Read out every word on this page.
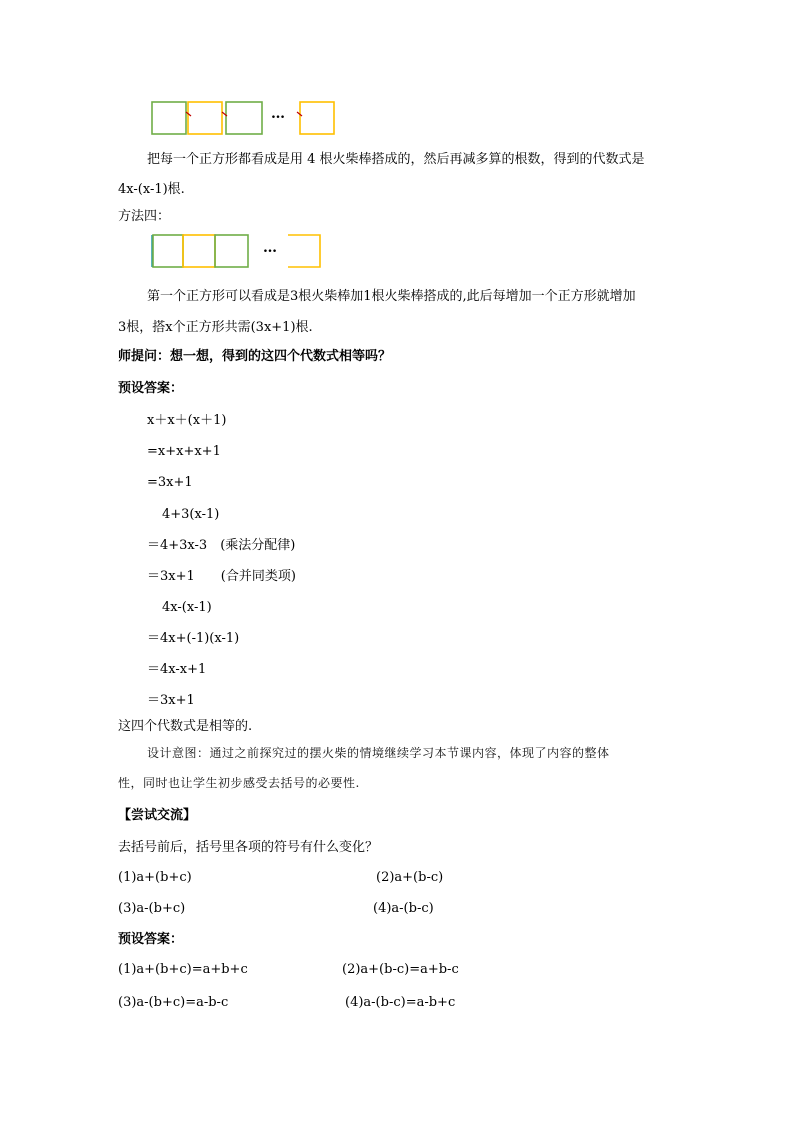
…
把每一个正方形都看成是用 4 根火柴棒搭成的，然后再减多算的根数，得到的代数式是
4x-(x-1)根.
方法四：
…
第一个正方形可以看成是3根火柴棒加1根火柴棒搭成的,此后每增加一个正方形就增加
3根，搭x个正方形共需(3x+1)根.
师提问：想一想，得到的这四个代数式相等吗？
预设答案：
x＋x＋(x＋1)
=x+x+x+1
=3x+1
4+3(x-1)
＝4+3x-3　(乘法分配律)
＝3x+1　　(合并同类项)
4x-(x-1)
＝4x+(-1)(x-1)
＝4x-x+1
＝3x+1
这四个代数式是相等的.
设计意图：通过之前探究过的摆火柴的情境继续学习本节课内容，体现了内容的整体
性，同时也让学生初步感受去括号的必要性.
【尝试交流】
去括号前后，括号里各项的符号有什么变化？
(1)a+(b+c)	(2)a+(b-c)
(3)a-(b+c)	(4)a-(b-c)
预设答案：
(1)a+(b+c)=a+b+c	(2)a+(b-c)=a+b-c
(3)a-(b+c)=a-b-c	(4)a-(b-c)=a-b+c
